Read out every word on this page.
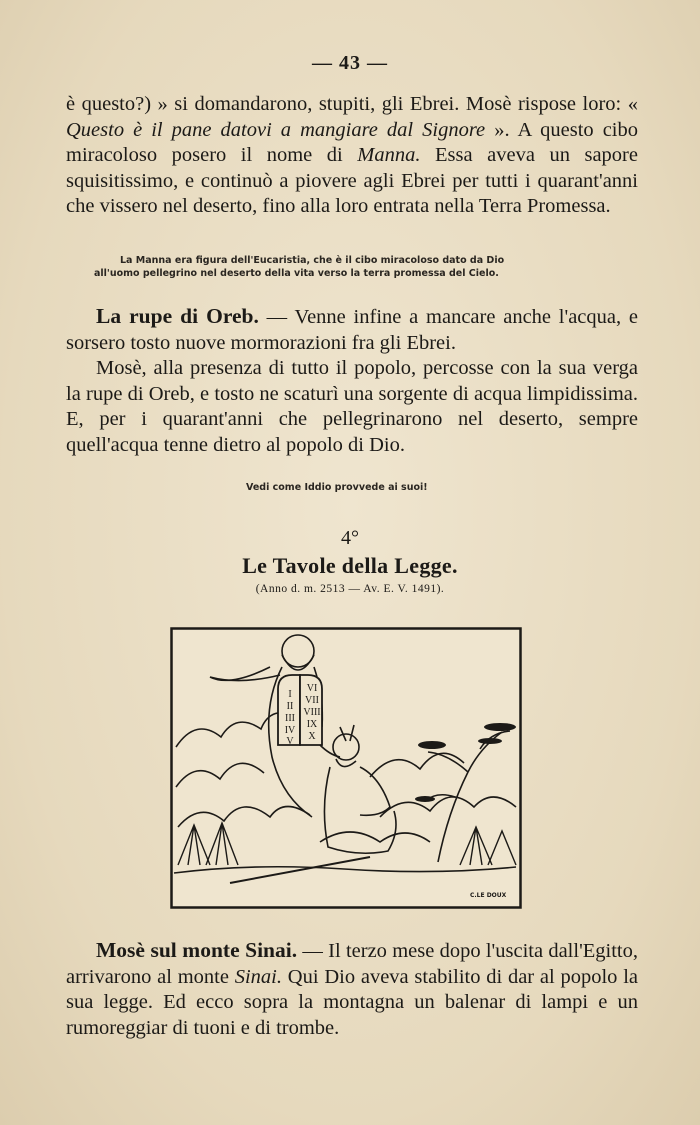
— 43 —

è questo?) » si domandarono, stupiti, gli Ebrei. Mosè rispose loro: « Questo è il pane datovi a mangiare dal Signore ». A questo cibo miracoloso posero il nome di Manna. Essa aveva un sapore squisitissimo, e continuò a piovere agli Ebrei per tutti i quarant'anni che vissero nel deserto, fino alla loro entrata nella Terra Promessa.

La Manna era figura dell'Eucaristia, che è il cibo miracoloso dato da Dio
all'uomo pellegrino nel deserto della vita verso la terra promessa del Cielo.

La rupe di Oreb. — Venne infine a mancare anche l'acqua, e sorsero tosto nuove mormorazioni fra gli Ebrei.

Mosè, alla presenza di tutto il popolo, percosse con la sua verga la rupe di Oreb, e tosto ne scaturì una sorgente di acqua limpidissima. E, per i quarant'anni che pellegrinarono nel deserto, sempre quell'acqua tenne dietro al popolo di Dio.

Vedi come Iddio provvede ai suoi!
4°
Le Tavole della Legge.
(Anno d. m. 2513 — Av. E. V. 1491).
I
II
III
IV
V
VI
VII
VIII
IX
X
C.LE DOUX

Mosè sul monte Sinai. — Il terzo mese dopo l'uscita dall'Egitto, arrivarono al monte Sinai. Qui Dio aveva stabilito di dar al popolo la sua legge. Ed ecco sopra la montagna un balenar di lampi e un rumoreggiar di tuoni e di trombe.
